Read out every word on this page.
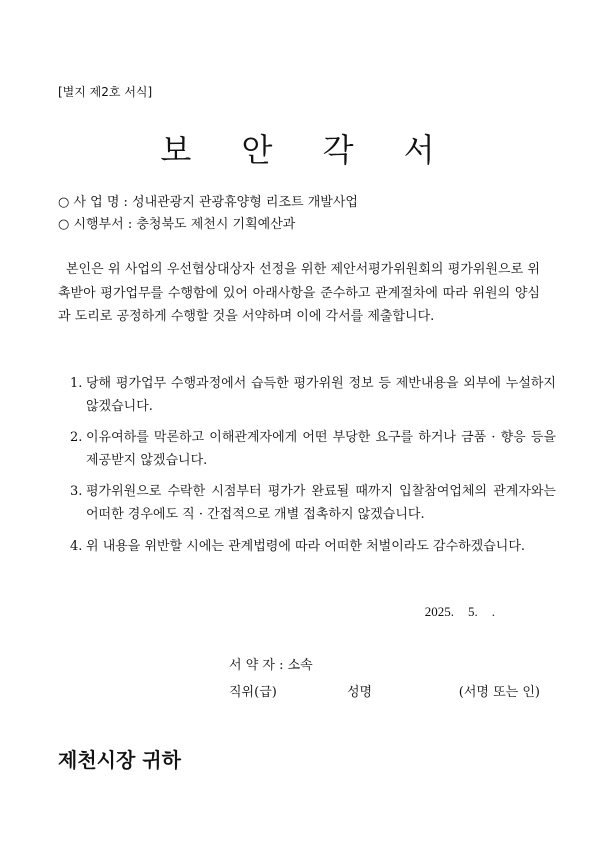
[별지 제2호 서식]
보 안 각 서
○ 사 업 명 : 성내관광지 관광휴양형 리조트 개발사업
○ 시행부서 : 충청북도 제천시 기획예산과
본인은 위 사업의 우선협상대상자 선정을 위한 제안서평가위원회의 평가위원으로 위촉받아 평가업무를 수행함에 있어 아래사항을 준수하고 관계절차에 따라 위원의 양심과 도리로 공정하게 수행할 것을 서약하며 이에 각서를 제출합니다.

1. 당해 평가업무 수행과정에서 습득한 평가위원 정보 등 제반내용을 외부에 누설하지 않겠습니다.

2. 이유여하를 막론하고 이해관계자에게 어떤 부당한 요구를 하거나 금품 · 향응 등을 제공받지 않겠습니다.

3. 평가위원으로 수락한 시점부터 평가가 완료될 때까지 입찰참여업체의 관계자와는 어떠한 경우에도 직 · 간접적으로 개별 접촉하지 않겠습니다.

4. 위 내용을 위반할 시에는 관계법령에 따라 어떠한 처벌이라도 감수하겠습니다.

2025. 5. .
서 약 자 : 소속
직위(급)	성명	(서명 또는 인)
제천시장 귀하
